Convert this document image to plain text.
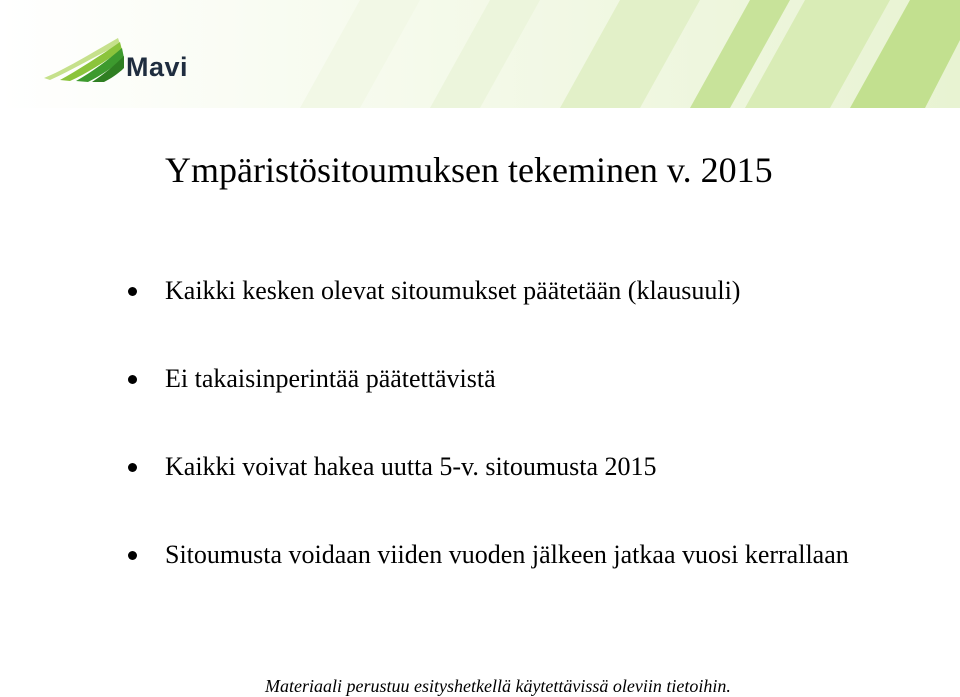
Mavi
Ympäristösitoumuksen tekeminen v. 2015
Kaikki kesken olevat sitoumukset päätetään (klausuuli)
Ei takaisinperintää päätettävistä
Kaikki voivat hakea uutta 5-v. sitoumusta 2015
Sitoumusta voidaan viiden vuoden jälkeen jatkaa vuosi kerrallaan
Materiaali perustuu esityshetkellä käytettävissä oleviin tietoihin.
